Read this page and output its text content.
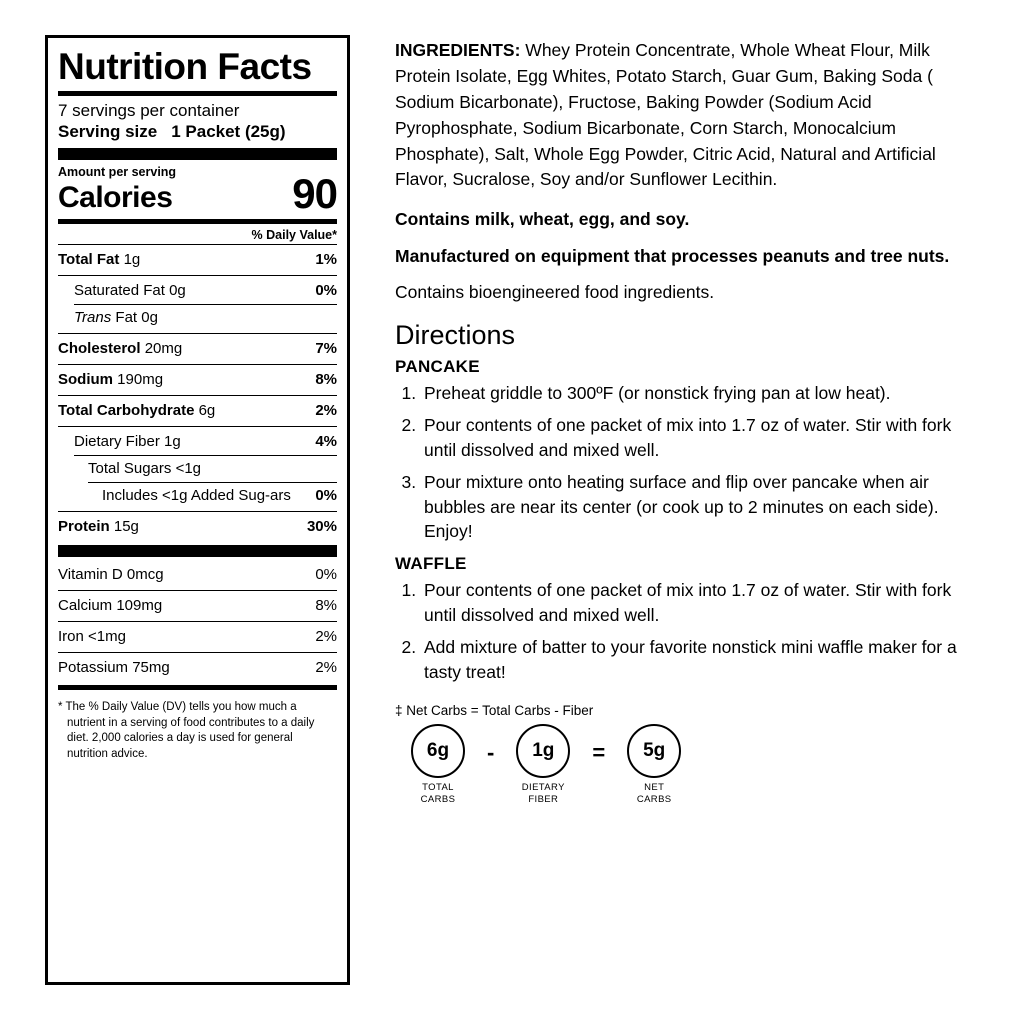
Nutrition Facts
7 servings per container
Serving size 1 Packet (25g)
Amount per serving
Calories	90
% Daily Value*
Total Fat 1g	1%
Saturated Fat 0g	0%
Trans Fat 0g
Cholesterol 20mg	7%
Sodium 190mg	8%
Total Carbohydrate 6g	2%
Dietary Fiber 1g	4%
Total Sugars <1g
Includes <1g Added Sug-ars	0%
Protein 15g	30%
Vitamin D 0mcg	0%
Calcium 109mg	8%
Iron <1mg	2%
Potassium 75mg	2%
* The % Daily Value (DV) tells you how much a
nutrient in a serving of food contributes to a daily
diet. 2,000 calories a day is used for general
nutrition advice.
INGREDIENTS: Whey Protein Concentrate, Whole Wheat Flour, Milk Protein Isolate, Egg Whites, Potato Starch, Guar Gum, Baking Soda ( Sodium Bicarbonate), Fructose, Baking Powder (Sodium Acid Pyrophosphate, Sodium Bicarbonate, Corn Starch, Monocalcium Phosphate), Salt, Whole Egg Powder, Citric Acid, Natural and Artificial Flavor, Sucralose, Soy and/or Sunflower Lecithin.
Contains milk, wheat, egg, and soy.
Manufactured on equipment that processes peanuts and tree nuts.
Contains bioengineered food ingredients.
Directions
PANCAKE
1. Preheat griddle to 300ºF (or nonstick frying pan at low heat).
2. Pour contents of one packet of mix into 1.7 oz of water. Stir with fork until dissolved and mixed well.
3. Pour mixture onto heating surface and flip over pancake when air bubbles are near its center (or cook up to 2 minutes on each side). Enjoy!
WAFFLE
1. Pour contents of one packet of mix into 1.7 oz of water. Stir with fork until dissolved and mixed well.
2. Add mixture of batter to your favorite nonstick mini waffle maker for a tasty treat!
‡ Net Carbs = Total Carbs - Fiber
6g
TOTAL
CARBS
-	1g
DIETARY
FIBER
=	5g
NET
CARBS
